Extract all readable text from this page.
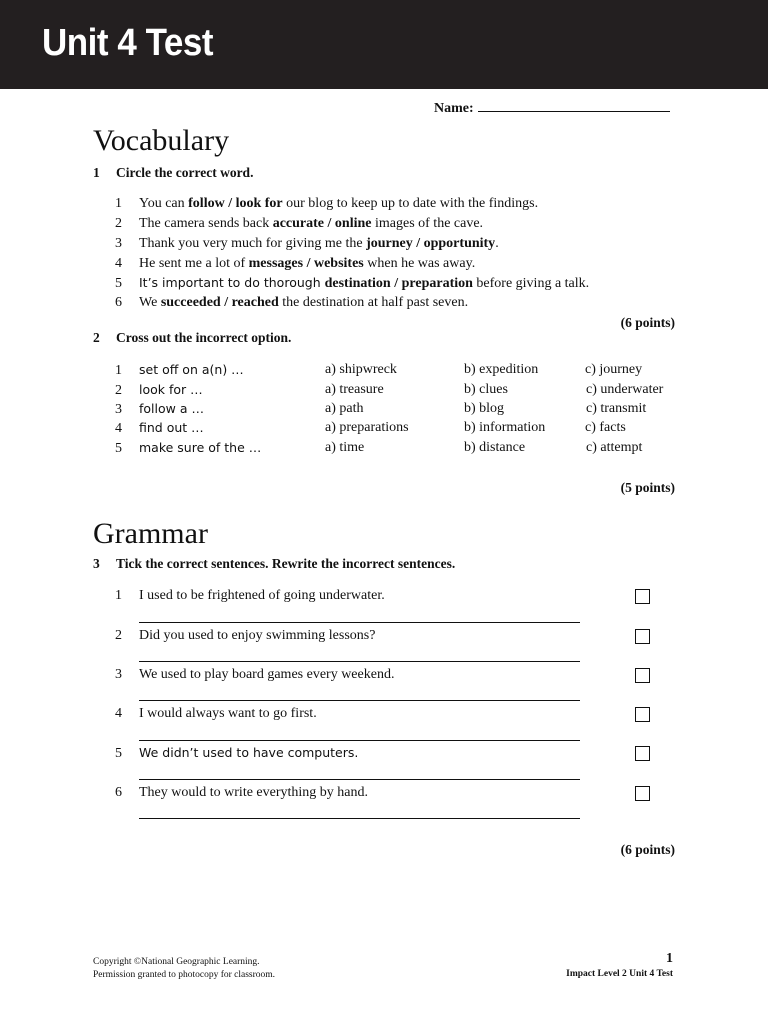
Unit 4 Test
Name:
Vocabulary
1 Circle the correct word.
1 You can follow / look for our blog to keep up to date with the findings.
2 The camera sends back accurate / online images of the cave.
3 Thank you very much for giving me the journey / opportunity.
4 He sent me a lot of messages / websites when he was away.
5 It’s important to do thorough destination / preparation before giving a talk.
6 We succeeded / reached the destination at half past seven.
(6 points)
2 Cross out the incorrect option.
1 set off on a(n) …	a) shipwreck	b) expedition	c) journey
2 look for …	a) treasure	b) clues	c) underwater
3 follow a …	a) path	b) blog	c) transmit
4 find out …	a) preparations	b) information	c) facts
5 make sure of the …	a) time	b) distance	c) attempt
(5 points)
Grammar
3 Tick the correct sentences. Rewrite the incorrect sentences.
1 I used to be frightened of going underwater.
2 Did you used to enjoy swimming lessons?
3 We used to play board games every weekend.
4 I would always want to go first.
5 We didn’t used to have computers.
6 They would to write everything by hand.
(6 points)
Copyright ©National Geographic Learning.
Permission granted to photocopy for classroom.
1
Impact Level 2 Unit 4 Test
